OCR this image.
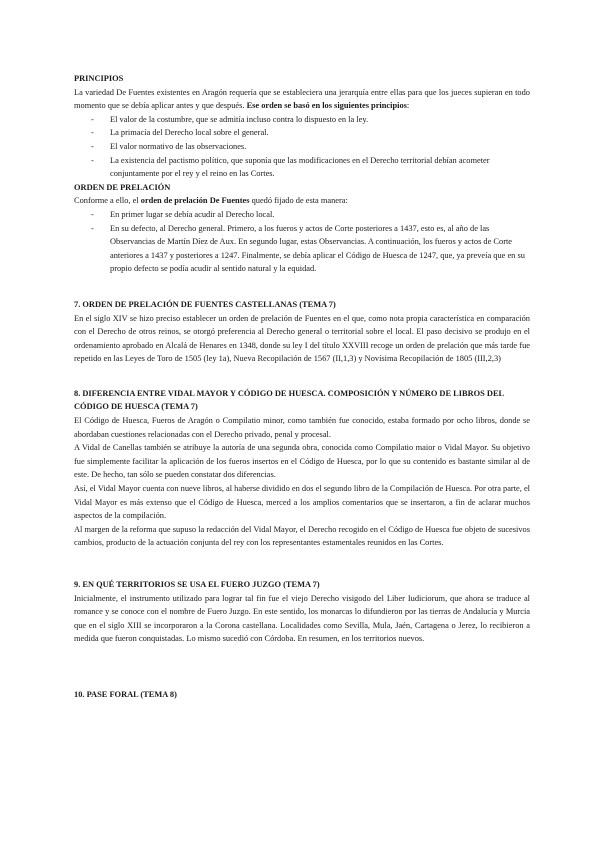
PRINCIPIOS

La variedad De Fuentes existentes en Aragón requería que se estableciera una jerarquía entre ellas para que los jueces supieran en todo momento que se debía aplicar antes y que después. Ese orden se basó en los siguientes principios:

- El valor de la costumbre, que se admitía incluso contra lo dispuesto en la ley.
- La primacía del Derecho local sobre el general.
- El valor normativo de las observaciones.
- La existencia del pactismo político, que suponía que las modificaciones en el Derecho territorial debían acometer conjuntamente por el rey y el reino en las Cortes.

ORDEN DE PRELACIÓN

Conforme a ello, el orden de prelación De Fuentes quedó fijado de esta manera:

- En primer lugar se debía acudir al Derecho local.
- En su defecto, al Derecho general. Primero, a los fueros y actos de Corte posteriores a 1437, esto es, al año de las Observancias de Martín Díez de Aux. En segundo lugar, estas Observancias. A continuación, los fueros y actos de Corte anteriores a 1437 y posteriores a 1247. Finalmente, se debía aplicar el Código de Huesca de 1247, que, ya preveía que en su propio defecto se podía acudir al sentido natural y la equidad.

7. ORDEN DE PRELACIÓN DE FUENTES CASTELLANAS (TEMA 7)

En el siglo XIV se hizo preciso establecer un orden de prelación de Fuentes en el que, como nota propia característica en comparación con el Derecho de otros reinos, se otorgó preferencia al Derecho general o territorial sobre el local. El paso decisivo se produjo en el ordenamiento aprobado en Alcalá de Henares en 1348, donde su ley I del título XXVIII recoge un orden de prelación que más tarde fue repetido en las Leyes de Toro de 1505 (ley 1a), Nueva Recopilación de 1567 (II,1,3) y Novísima Recopilación de 1805 (III,2,3)

8. DIFERENCIA ENTRE VIDAL MAYOR Y CÓDIGO DE HUESCA. COMPOSICIÓN Y NÚMERO DE LIBROS DEL CÓDIGO DE HUESCA (TEMA 7)

El Código de Huesca, Fueros de Aragón o Compilatio minor, como también fue conocido, estaba formado por ocho libros, donde se abordaban cuestiones relacionadas con el Derecho privado, penal y procesal.

A Vidal de Canellas también se atribuye la autoría de una segunda obra, conocida como Compilatio maior o Vidal Mayor. Su objetivo fue simplemente facilitar la aplicación de los fueros insertos en el Código de Huesca, por lo que su contenido es bastante similar al de este. De hecho, tan sólo se pueden constatar dos diferencias.

Así, el Vidal Mayor cuenta con nueve libros, al haberse dividido en dos el segundo libro de la Compilación de Huesca. Por otra parte, el Vidal Mayor es más extenso que el Código de Huesca, merced a los amplios comentarios que se insertaron, a fin de aclarar muchos aspectos de la compilación.

Al margen de la reforma que supuso la redacción del Vidal Mayor, el Derecho recogido en el Código de Huesca fue objeto de sucesivos cambios, producto de la actuación conjunta del rey con los representantes estamentales reunidos en las Cortes.

9. EN QUÉ TERRITORIOS SE USA EL FUERO JUZGO (TEMA 7)

Inicialmente, el instrumento utilizado para lograr tal fin fue el viejo Derecho visigodo del Liber Iudiciorum, que ahora se traduce al romance y se conoce con el nombre de Fuero Juzgo. En este sentido, los monarcas lo difundieron por las tierras de Andalucía y Murcia que en el siglo XIII se incorporaron a la Corona castellana. Localidades como Sevilla, Mula, Jaén, Cartagena o Jerez, lo recibieron a medida que fueron conquistadas. Lo mismo sucedió con Córdoba. En resumen, en los territorios nuevos.

10. PASE FORAL (TEMA 8)
